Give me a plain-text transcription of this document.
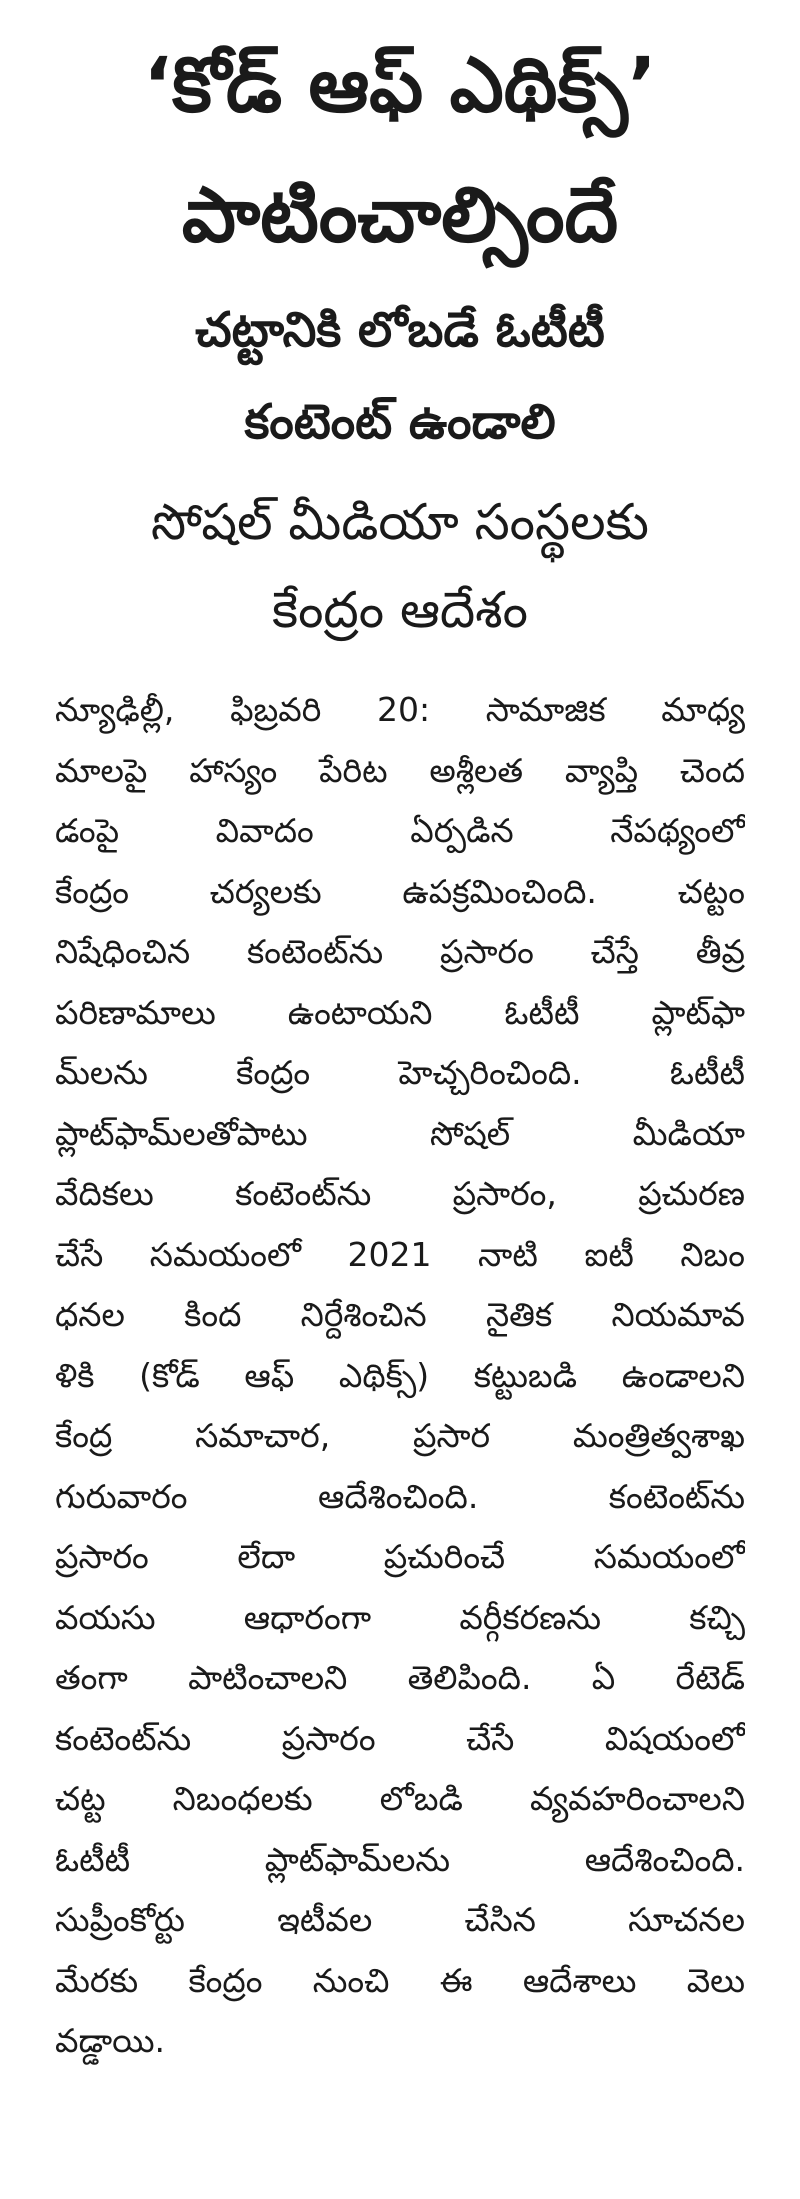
‘కోడ్ ఆఫ్ ఎథిక్స్’
పాటించాల్సిందే
చట్టానికి లోబడే ఓటీటీ
కంటెంట్ ఉండాలి
సోషల్ మీడియా సంస్థలకు
కేంద్రం ఆదేశం
న్యూఢిల్లీ, ఫిబ్రవరి 20: సామాజిక మాధ్య
మాలపై హాస్యం పేరిట అశ్లీలత వ్యాప్తి చెంద
డంపై వివాదం ఏర్పడిన నేపథ్యంలో
కేంద్రం చర్యలకు ఉపక్రమించింది. చట్టం
నిషేధించిన కంటెంట్‌ను ప్రసారం చేస్తే తీవ్ర
పరిణామాలు ఉంటాయని ఓటీటీ ప్లాట్‌ఫా
మ్‌లను కేంద్రం హెచ్చరించింది. ఓటీటీ
ప్లాట్‌ఫామ్‌లతోపాటు సోషల్ మీడియా
వేదికలు కంటెంట్‌ను ప్రసారం, ప్రచురణ
చేసే సమయంలో 2021 నాటి ఐటీ నిబం
ధనల కింద నిర్దేశించిన నైతిక నియమావ
ళికి (కోడ్ ఆఫ్ ఎథిక్స్) కట్టుబడి ఉండాలని
కేంద్ర సమాచార, ప్రసార మంత్రిత్వశాఖ
గురువారం ఆదేశించింది. కంటెంట్‌ను
ప్రసారం లేదా ప్రచురించే సమయంలో
వయసు ఆధారంగా వర్గీకరణను కచ్చి
తంగా పాటించాలని తెలిపింది. ఏ రేటెడ్
కంటెంట్‌ను ప్రసారం చేసే విషయంలో
చట్ట నిబంధలకు లోబడి వ్యవహరించాలని
ఓటీటీ ప్లాట్‌ఫామ్‌లను ఆదేశించింది.
సుప్రీంకోర్టు ఇటీవల చేసిన సూచనల
మేరకు కేంద్రం నుంచి ఈ ఆదేశాలు వెలు
వడ్డాయి.
